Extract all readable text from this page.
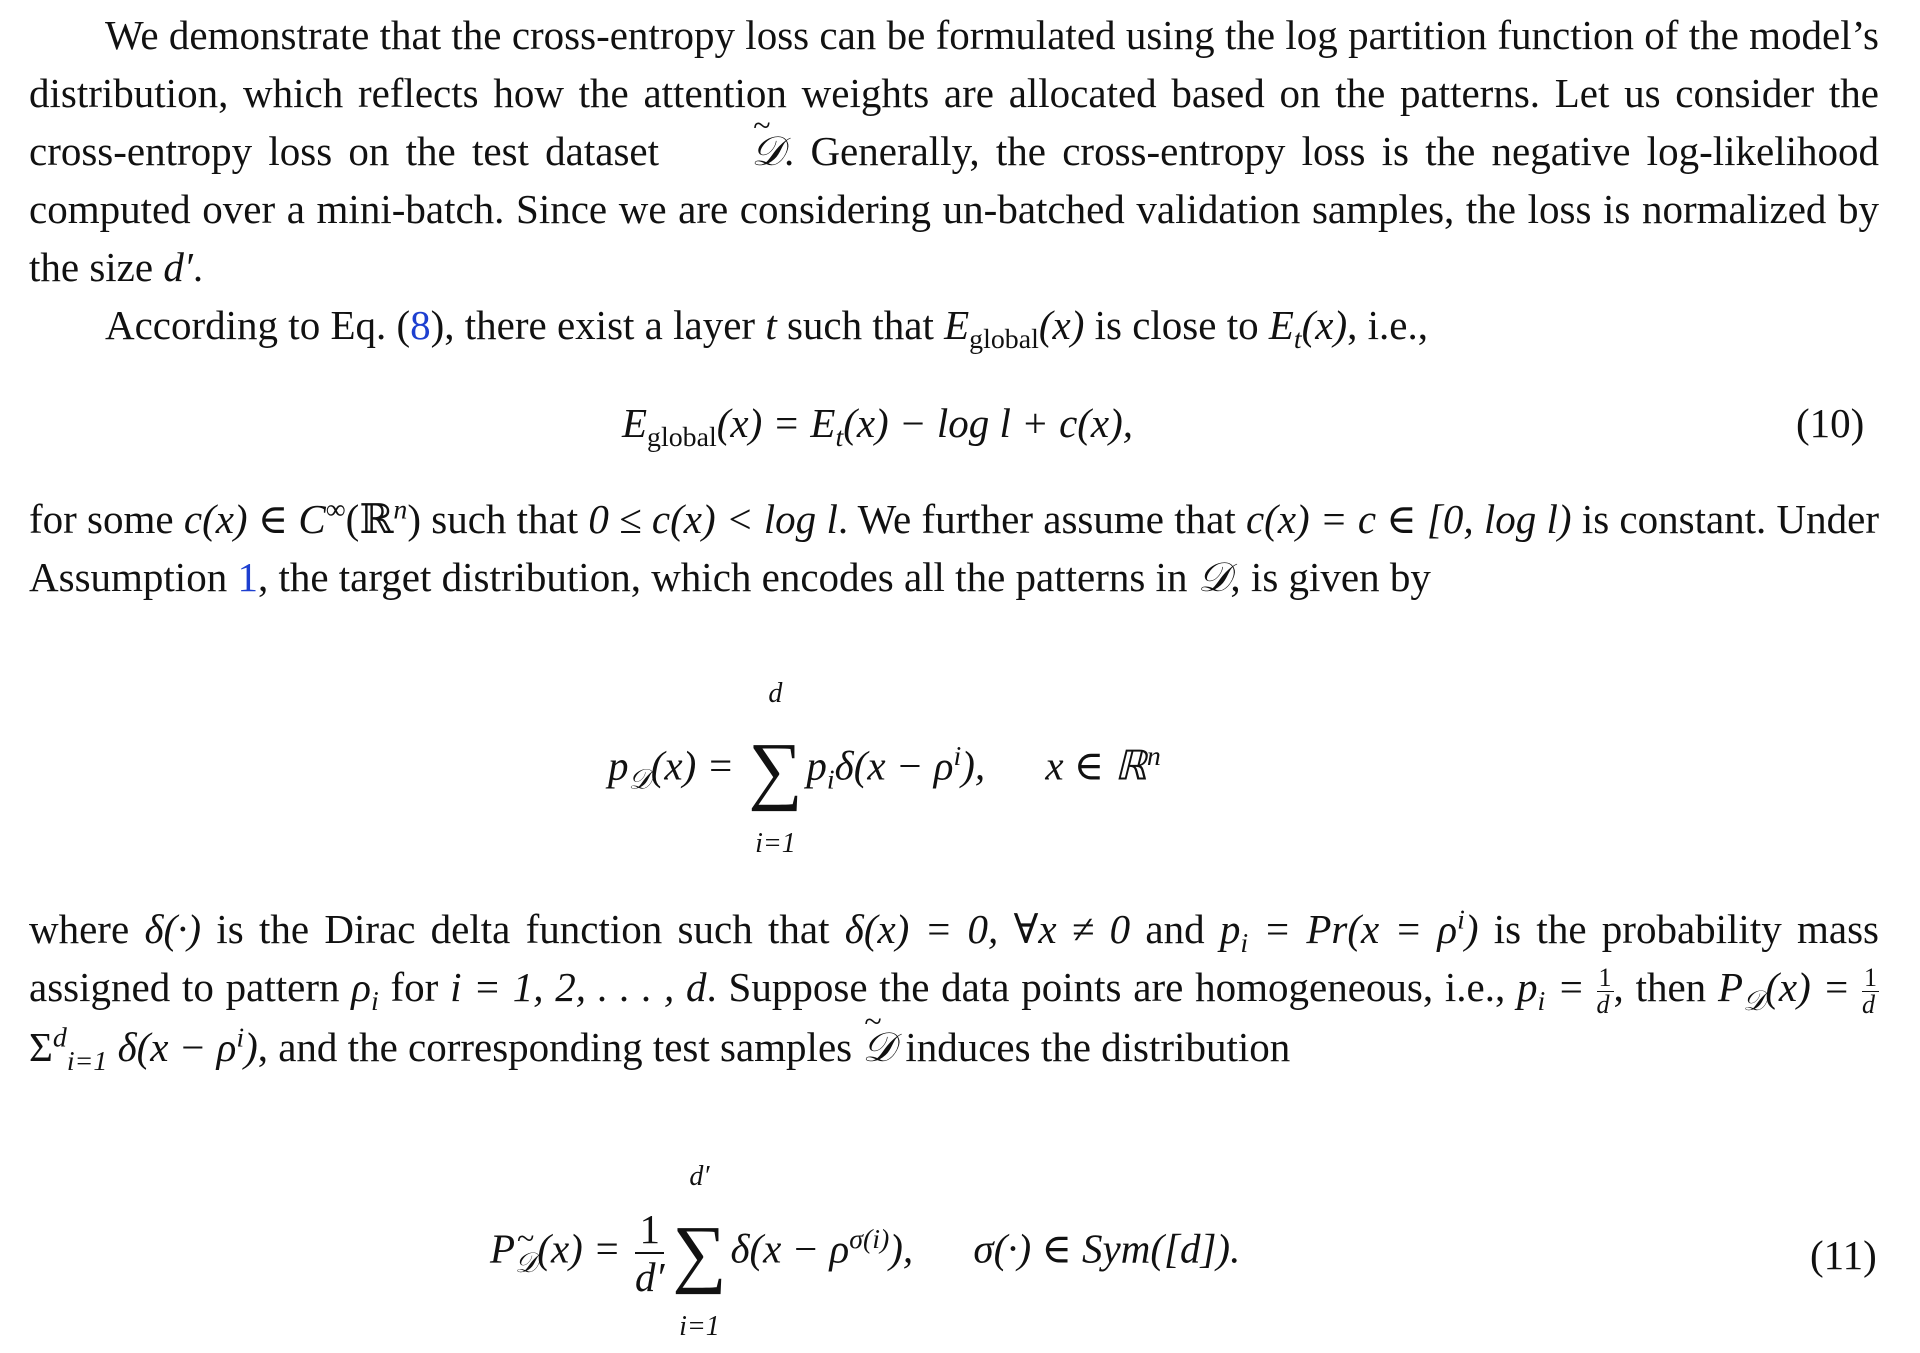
We demonstrate that the cross-entropy loss can be formulated using the log partition function of the model’s distribution, which reflects how the attention weights are allocated based on the patterns. Let us consider the cross-entropy loss on the test dataset ~ 𝒟. Generally, the cross-entropy loss is the negative log-likelihood computed over a mini-batch. Since we are considering un-batched validation samples, the loss is normalized by the size d′.

According to Eq. (8), there exist a layer t such that $E_{global}(x)$ is close to $E_t(x)$, i.e.,

$E_{global}(x) = E_t(x) - \log l + c(x)$,	(10)

for some c(x) ∈ C∞(ℝ$^n$) such that 0 ≤ c(x) < log l. We further assume that c(x) = c ∈ [0, log l) is constant. Under Assumption 1, the target distribution, which encodes all the patterns in 𝒟, is given by

$p_𝒟(x)$ =
d
∑
i=1
$p_i\delta(x - \rho^i)$, x ∈ ℝ$^n$

where δ(·) is the Dirac delta function such that δ(x) = 0, ∀x ≠ 0 and $p_i = Pr(x = \rho^i)$ is the probability mass assigned to pattern $\rho_i$ for i = 1, 2, . . . , d. Suppose the data points are homogeneous, i.e., $p_i = \frac{1}{d}$, then $P_𝒟(x) = \frac{1}{d} \Sigma^d_{i=1}$ $\delta(x - \rho^i)$, and the corresponding test samples ~ 𝒟 induces the distribution

$P_𝒟(x) = \frac{1}{d'}$
d′
∑
i=1
$\delta(x - \rho^{\sigma(i)})$, σ(·) ∈ Sym([d]).	(11)
